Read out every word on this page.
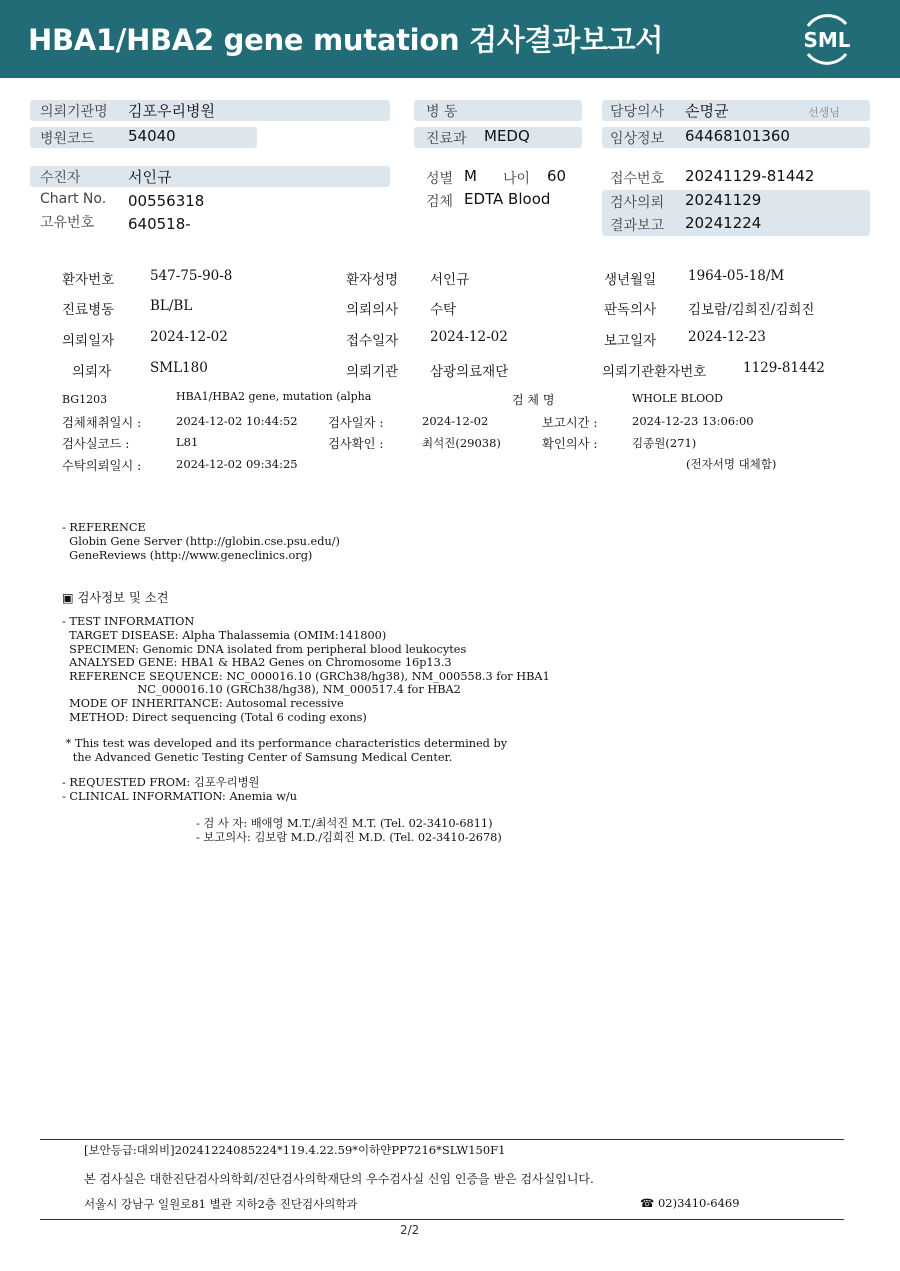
HBA1/HBA2 gene mutation 검사결과보고서	SML
의뢰기관명 김포우리병원
병원코드 54040
수진자	서인규
Chart No. 00556318
고유번호 640518-
병 동
진료과 MEDQ
성별 M 나이 60
검체 EDTA Blood
담당의사 손명균	선생님
임상정보 64468101360
접수번호 20241129-81442
검사의뢰 20241129
결과보고 20241224
환자번호	547-75-90-8	환자성명 서인규	생년월일 1964-05-18/M
진료병동	BL/BL	의뢰의사 수탁	판독의사 김보람/김희진/김희진
의뢰일자	2024-12-02	접수일자 2024-12-02	보고일자 2024-12-23
의뢰자	SML180	의뢰기관 삼광의료재단	의뢰기관환자번호	1129-81442
BG1203	HBA1/HBA2 gene, mutation (alpha	검 체 명	WHOLE BLOOD
검체채취일시 :	2024-12-02 10:44:52 검사일자 :	2024-12-02	보고시간 :	2024-12-23 13:06:00
검사실코드 :	L81	검사확인 :	최석진(29038)	확인의사 :	김종원(271)
수탁의뢰일시 :	2024-12-02 09:34:25	(전자서명 대체함)
- REFERENCE
Globin Gene Server (http://globin.cse.psu.edu/)
GeneReviews (http://www.geneclinics.org)
▣ 검사정보 및 소견
- TEST INFORMATION
TARGET DISEASE: Alpha Thalassemia (OMIM:141800)
SPECIMEN: Genomic DNA isolated from peripheral blood leukocytes
ANALYSED GENE: HBA1 & HBA2 Genes on Chromosome 16p13.3
REFERENCE SEQUENCE: NC_000016.10 (GRCh38/hg38), NM_000558.3 for HBA1
NC_000016.10 (GRCh38/hg38), NM_000517.4 for HBA2
MODE OF INHERITANCE: Autosomal recessive
METHOD: Direct sequencing (Total 6 coding exons)
* This test was developed and its performance characteristics determined by
the Advanced Genetic Testing Center of Samsung Medical Center.
- REQUESTED FROM: 김포우리병원
- CLINICAL INFORMATION: Anemia w/u
- 검 사 자: 배애영 M.T./최석진 M.T. (Tel. 02-3410-6811)
- 보고의사: 김보람 M.D./김희진 M.D. (Tel. 02-3410-2678)
[보안등급:대외비]20241224085224*119.4.22.59*이하얀PP7216*SLW150F1
본 검사실은 대한진단검사의학회/진단검사의학재단의 우수검사실 신임 인증을 받은 검사실입니다.
서울시 강남구 일원로81 별관 지하2층 진단검사의학과	☎ 02)3410-6469
2/2
